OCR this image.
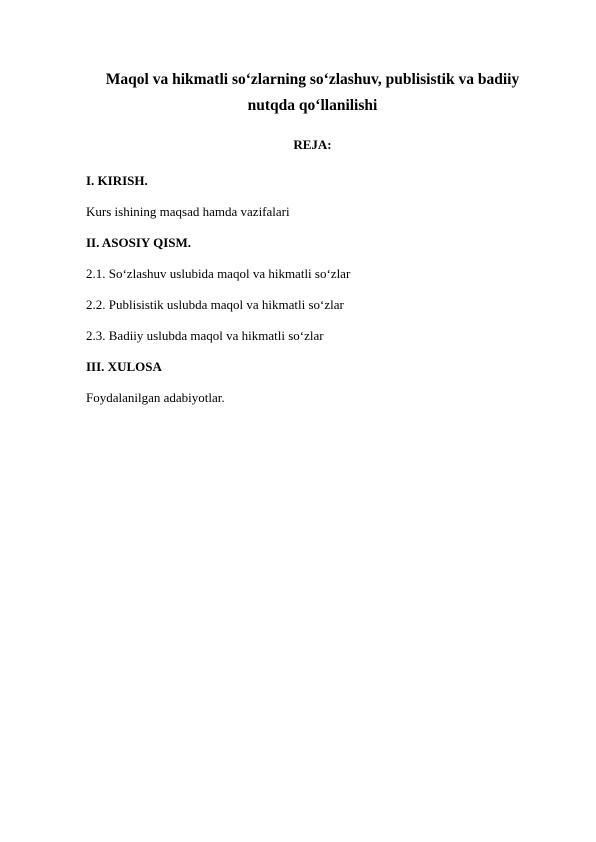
Maqol va hikmatli so‘zlarning so‘zlashuv, publisistik va badiiy
nutqda qo‘llanilishi

REJA:

I. KIRISH.
Kurs ishining maqsad hamda vazifalari
II. ASOSIY QISM.
2.1. So‘zlashuv uslubida maqol va hikmatli so‘zlar
2.2. Publisistik uslubda maqol va hikmatli so‘zlar
2.3. Badiiy uslubda maqol va hikmatli so‘zlar
III. XULOSA
Foydalanilgan adabiyotlar.
